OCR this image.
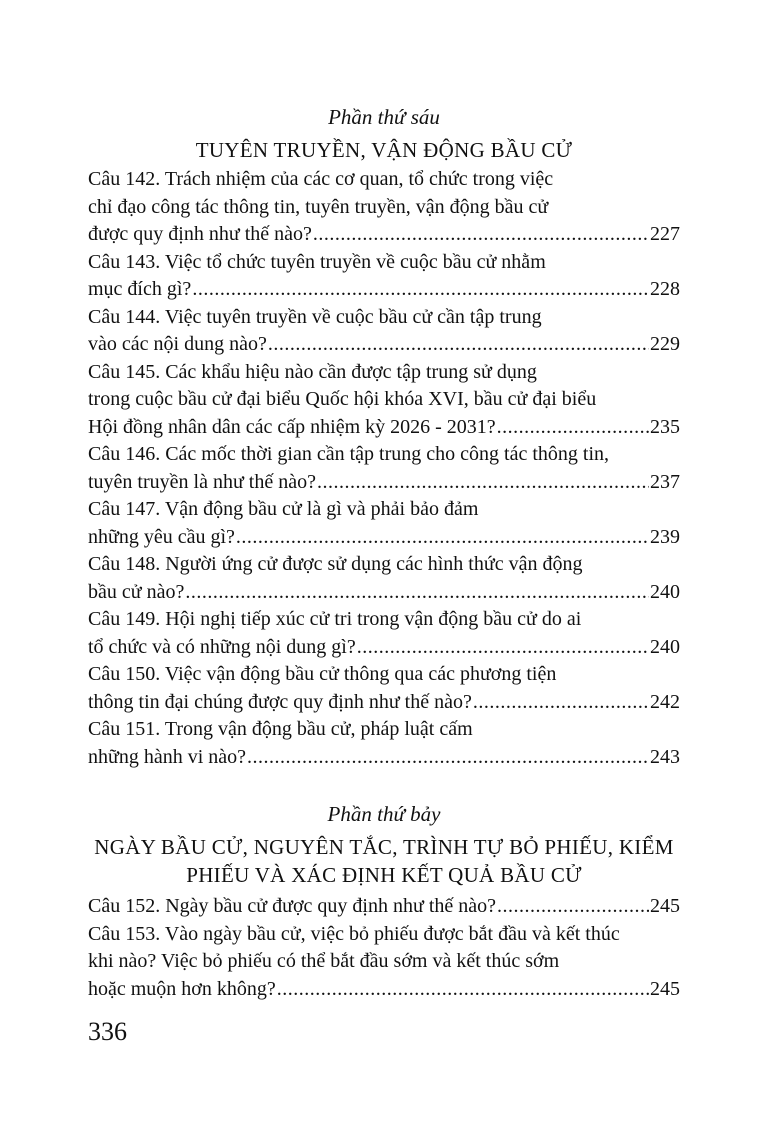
Phần thứ sáu
TUYÊN TRUYỀN, VẬN ĐỘNG BẦU CỬ
Câu 142. Trách nhiệm của các cơ quan, tổ chức trong việc
chỉ đạo công tác thông tin, tuyên truyền, vận động bầu cử
được quy định như thế nào? .....	227
Câu 143. Việc tổ chức tuyên truyền về cuộc bầu cử nhằm
mục đích gì? .....	228
Câu 144. Việc tuyên truyền về cuộc bầu cử cần tập trung
vào các nội dung nào? .....	229
Câu 145. Các khẩu hiệu nào cần được tập trung sử dụng
trong cuộc bầu cử đại biểu Quốc hội khóa XVI, bầu cử đại biểu
Hội đồng nhân dân các cấp nhiệm kỳ 2026 - 2031? .....	235
Câu 146. Các mốc thời gian cần tập trung cho công tác thông tin,
tuyên truyền là như thế nào? .....	237
Câu 147. Vận động bầu cử là gì và phải bảo đảm
những yêu cầu gì? .....	239
Câu 148. Người ứng cử được sử dụng các hình thức vận động
bầu cử nào? .....	240
Câu 149. Hội nghị tiếp xúc cử tri trong vận động bầu cử do ai
tổ chức và có những nội dung gì? .....	240
Câu 150. Việc vận động bầu cử thông qua các phương tiện
thông tin đại chúng được quy định như thế nào? .....	242
Câu 151. Trong vận động bầu cử, pháp luật cấm
những hành vi nào? .....	243
Phần thứ bảy
NGÀY BẦU CỬ, NGUYÊN TẮC, TRÌNH TỰ BỎ PHIẾU, KIỂM
PHIẾU VÀ XÁC ĐỊNH KẾT QUẢ BẦU CỬ
Câu 152. Ngày bầu cử được quy định như thế nào? .....	245
Câu 153. Vào ngày bầu cử, việc bỏ phiếu được bắt đầu và kết thúc
khi nào? Việc bỏ phiếu có thể bắt đầu sớm và kết thúc sớm
hoặc muộn hơn không? .....	245
336
